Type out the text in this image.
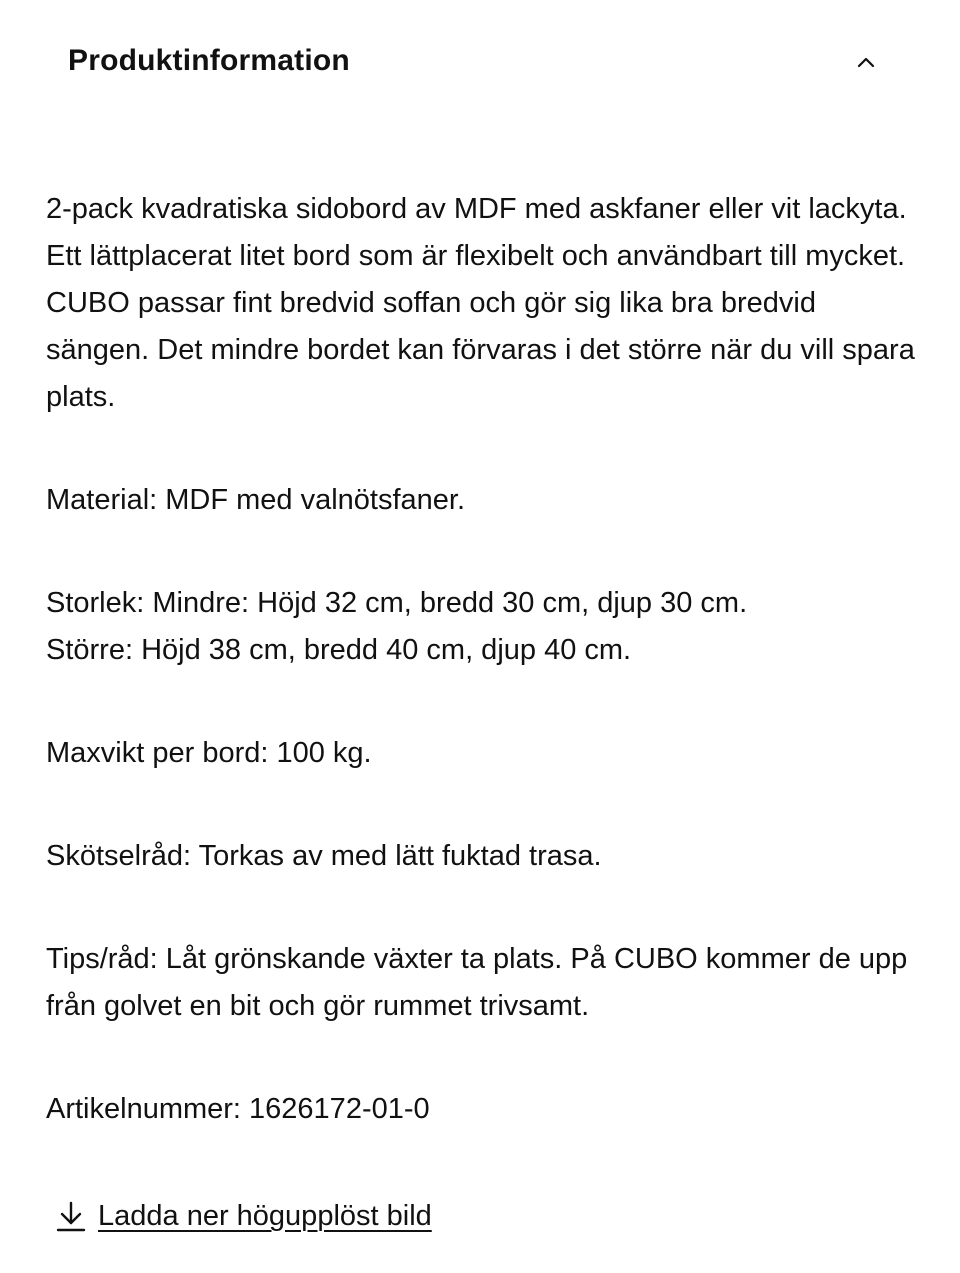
Produktinformation

2-pack kvadratiska sidobord av MDF med askfaner eller vit lackyta. Ett lättplacerat litet bord som är flexibelt och användbart till mycket. CUBO passar fint bredvid soffan och gör sig lika bra bredvid sängen. Det mindre bordet kan förvaras i det större när du vill spara plats.

Material: MDF med valnötsfaner.

Storlek: Mindre: Höjd 32 cm, bredd 30 cm, djup 30 cm.
Större: Höjd 38 cm, bredd 40 cm, djup 40 cm.

Maxvikt per bord: 100 kg.

Skötselråd: Torkas av med lätt fuktad trasa.

Tips/råd: Låt grönskande växter ta plats. På CUBO kommer de upp från golvet en bit och gör rummet trivsamt.

Artikelnummer: 1626172-01-0

Ladda ner högupplöst bild
